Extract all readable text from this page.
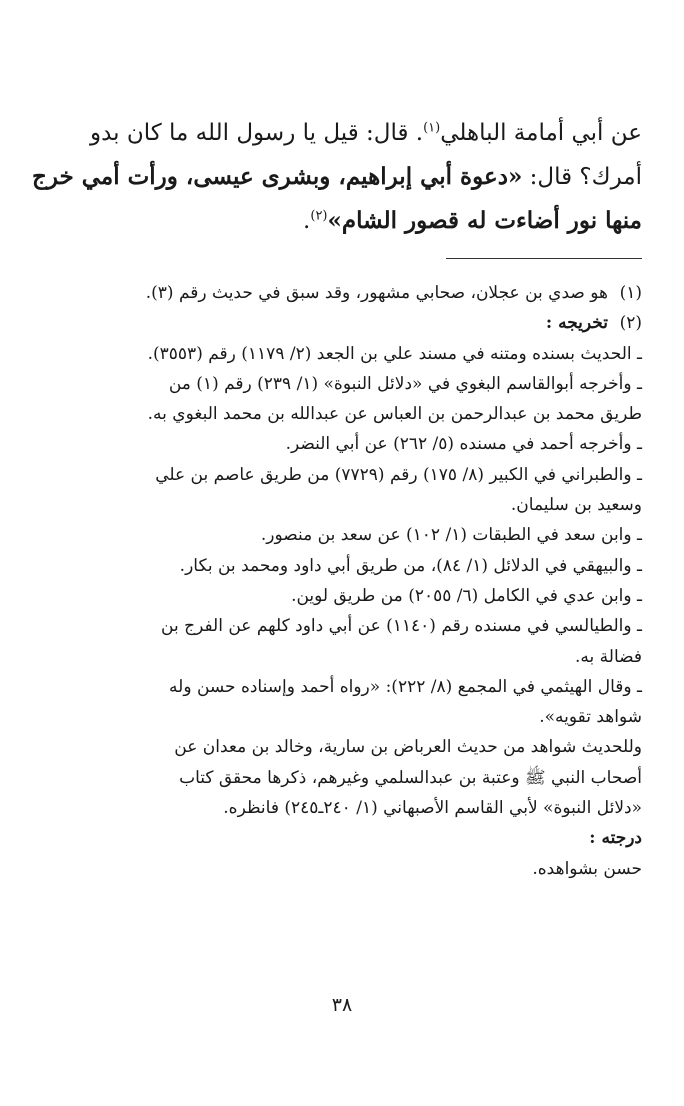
عن أبي أمامة الباهلي$^{(١)}$. قال: قيل يا رسول الله ما كان بدو
أمرك؟ قال: «دعوة أبي إبراهيم، وبشرى عيسى، ورأت أمي خرج
منها نور أضاءت له قصور الشام»$^{(٢)}$.
(١)
هو صدي بن عجلان، صحابي مشهور، وقد سبق في حديث رقم (٣).
(٢)
تخريجه :
ـ الحديث بسنده ومتنه في مسند علي بن الجعد (٢/ ١١٧٩) رقم (٣٥٥٣).
ـ وأخرجه أبوالقاسم البغوي في «دلائل النبوة» (١/ ٢٣٩) رقم (١) من
طريق محمد بن عبدالرحمن بن العباس عن عبدالله بن محمد البغوي به.
ـ وأخرجه أحمد في مسنده (٥/ ٢٦٢) عن أبي النضر.
ـ والطبراني في الكبير (٨/ ١٧٥) رقم (٧٧٢٩) من طريق عاصم بن علي
وسعيد بن سليمان.
ـ وابن سعد في الطبقات (١/ ١٠٢) عن سعد بن منصور.
ـ والبيهقي في الدلائل (١/ ٨٤)، من طريق أبي داود ومحمد بن بكار.
ـ وابن عدي في الكامل (٦/ ٢٠٥٥) من طريق لوين.
ـ والطيالسي في مسنده رقم (١١٤٠) عن أبي داود كلهم عن الفرج بن
فضالة به.
ـ وقال الهيثمي في المجمع (٨/ ٢٢٢): «رواه أحمد وإسناده حسن وله
شواهد تقويه».
وللحديث شواهد من حديث العرباض بن سارية، وخالد بن معدان عن
أصحاب النبي ﷺ وعتبة بن عبدالسلمي وغيرهم، ذكرها محقق كتاب
«دلائل النبوة» لأبي القاسم الأصبهاني (١/ ٢٤٠ـ٢٤٥) فانظره.
درجته :
حسن بشواهده.
٣٨
